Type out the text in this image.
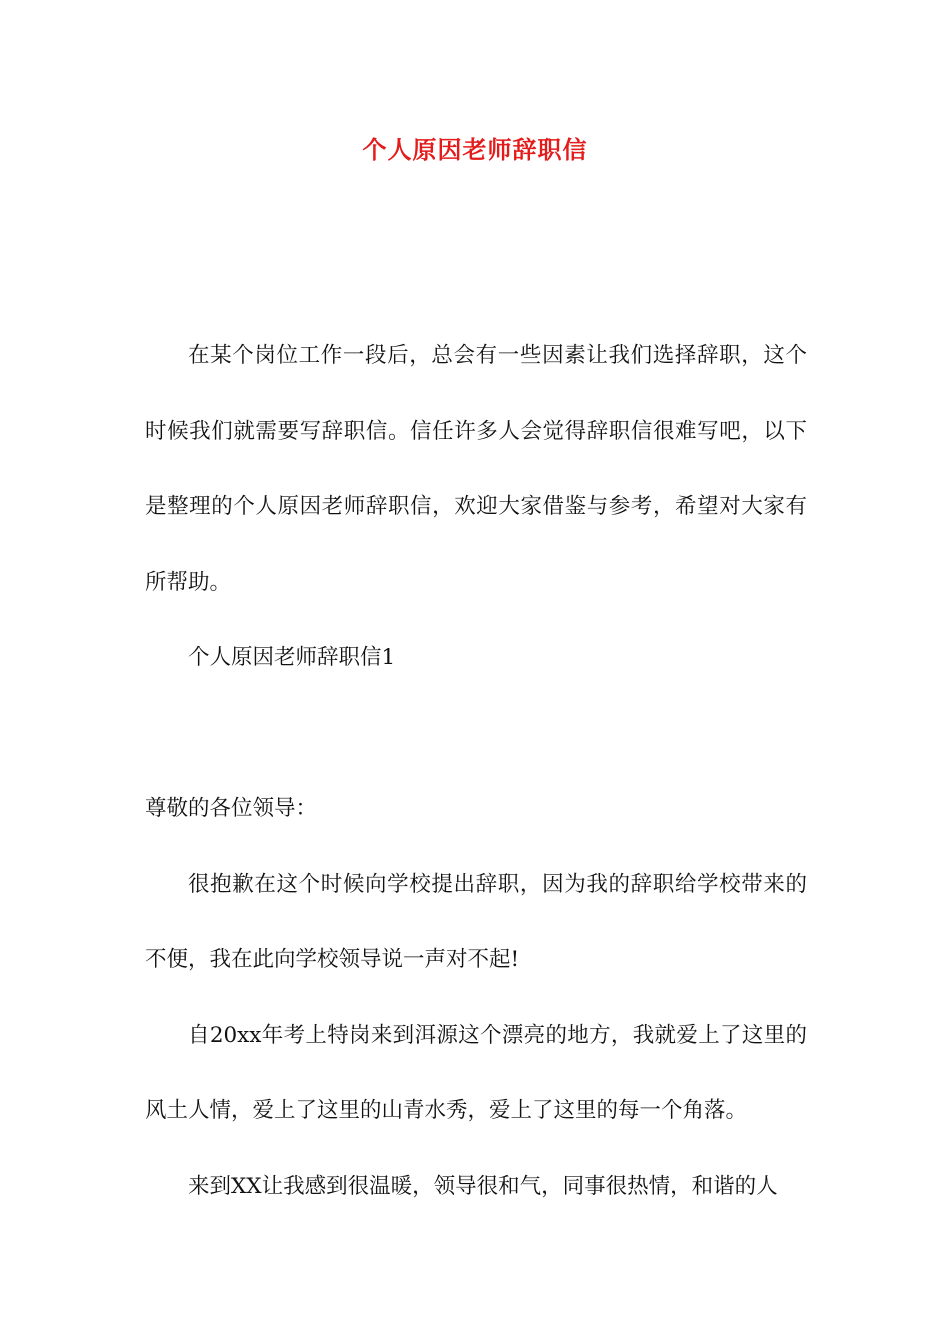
个人原因老师辞职信

在某个岗位工作一段后，总会有一些因素让我们选择辞职，这个时候我们就需要写辞职信。信任许多人会觉得辞职信很难写吧，以下是整理的个人原因老师辞职信，欢迎大家借鉴与参考，希望对大家有所帮助。

个人原因老师辞职信1

尊敬的各位领导：

很抱歉在这个时候向学校提出辞职，因为我的辞职给学校带来的不便，我在此向学校领导说一声对不起!

自20xx年考上特岗来到洱源这个漂亮的地方，我就爱上了这里的风土人情，爱上了这里的山青水秀，爱上了这里的每一个角落。

来到XX让我感到很温暖，领导很和气，同事很热情，和谐的人
